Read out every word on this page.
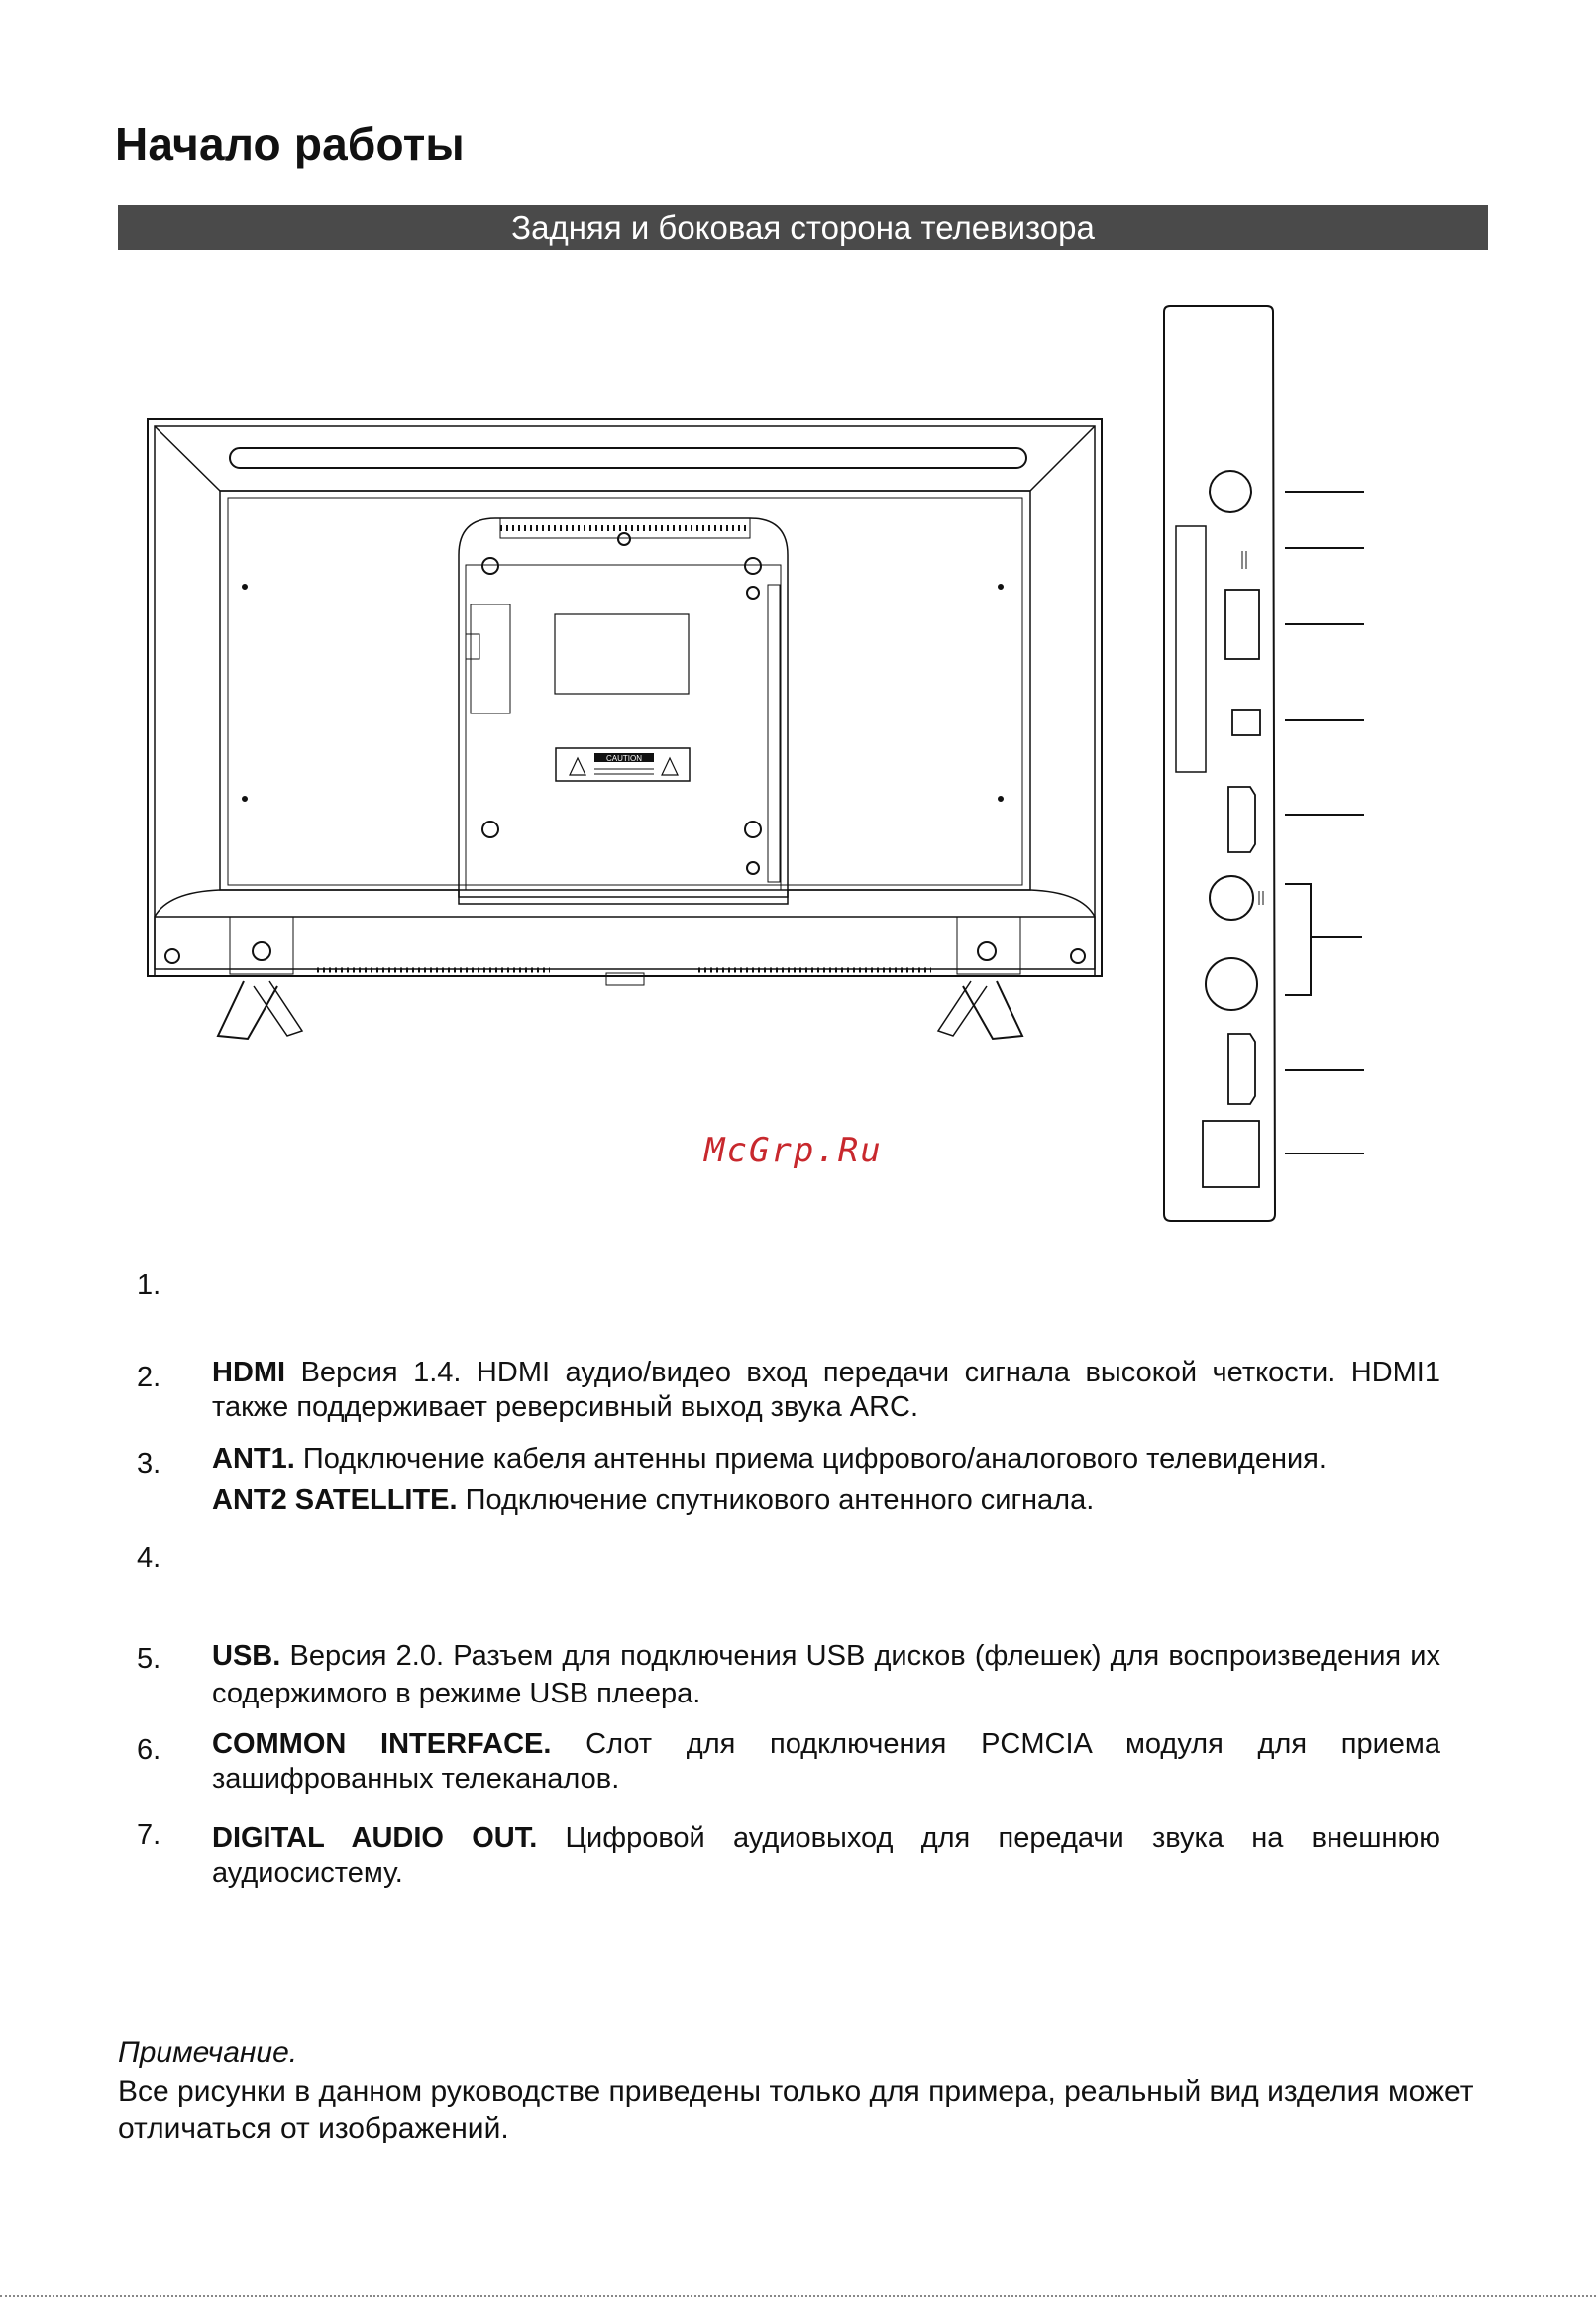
Начало работы
Задняя и боковая сторона телевизора
CAUTION
McGrp.Ru
1.
2. HDMI Версия 1.4. HDMI аудио/видео вход передачи сигнала высокой четкости. HDMI1 также поддерживает реверсивный выход звука ARC.
3. ANT1. Подключение кабеля антенны приема цифрового/аналогового телевидения.
ANT2 SATELLITE. Подключение спутникового антенного сигнала.
4.
5. USB. Версия 2.0. Разъем для подключения USB дисков (флешек) для воспроизведения их содержимого в режиме USB плеера.
6. COMMON INTERFACE. Слот для подключения PCMCIA модуля для приема зашифрованных телеканалов.
7. DIGITAL AUDIO OUT. Цифровой аудиовыход для передачи звука на внешнюю аудиосистему.
Примечание.
Все рисунки в данном руководстве приведены только для примера, реальный вид изделия может отличаться от изображений.
